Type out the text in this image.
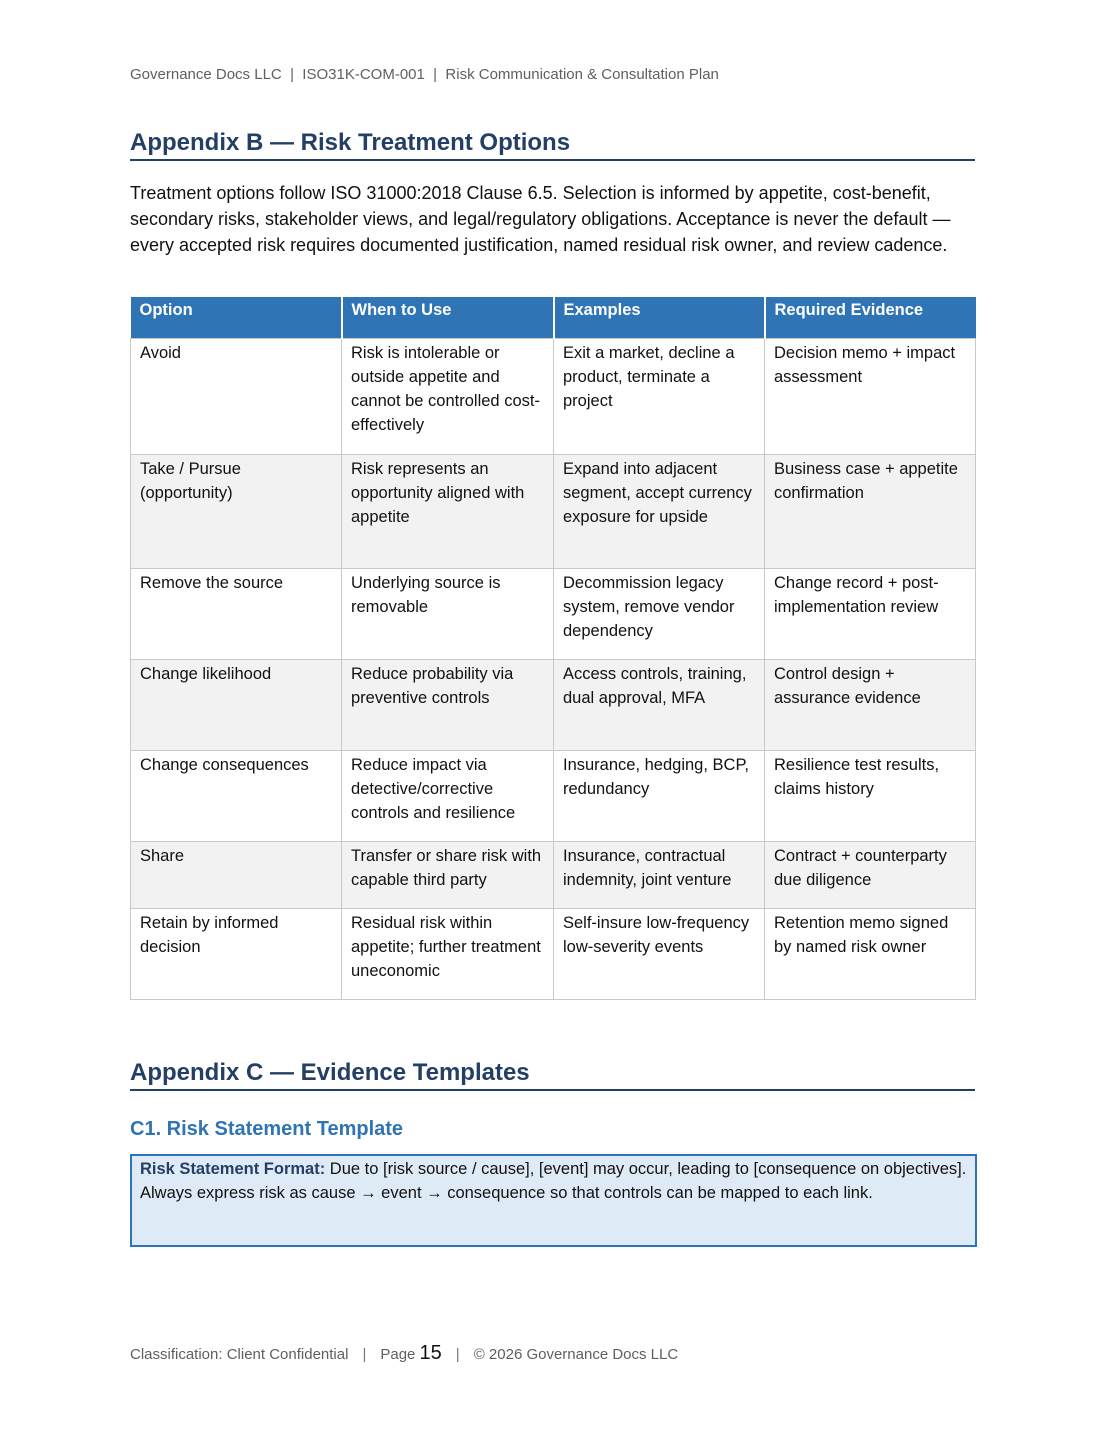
Governance Docs LLC  |  ISO31K-COM-001  |  Risk Communication & Consultation Plan
Appendix B — Risk Treatment Options

Treatment options follow ISO 31000:2018 Clause 6.5. Selection is informed by appetite, cost-benefit, secondary risks, stakeholder views, and legal/regulatory obligations. Acceptance is never the default — every accepted risk requires documented justification, named residual risk owner, and review cadence.

Option	When to Use	Examples	Required Evidence
Avoid	Risk is intolerable or outside appetite and cannot be controlled cost-effectively	Exit a market, decline a product, terminate a project	Decision memo + impact assessment
Take / Pursue (opportunity)	Risk represents an opportunity aligned with appetite	Expand into adjacent segment, accept currency exposure for upside	Business case + appetite confirmation
Remove the source	Underlying source is removable	Decommission legacy system, remove vendor dependency	Change record + post-implementation review
Change likelihood	Reduce probability via preventive controls	Access controls, training, dual approval, MFA	Control design + assurance evidence
Change consequences	Reduce impact via detective/corrective controls and resilience	Insurance, hedging, BCP, redundancy	Resilience test results, claims history
Share	Transfer or share risk with capable third party	Insurance, contractual indemnity, joint venture	Contract + counterparty due diligence
Retain by informed decision	Residual risk within appetite; further treatment uneconomic	Self-insure low-frequency low-severity events	Retention memo signed by named risk owner
Appendix C — Evidence Templates
C1. Risk Statement Template
Risk Statement Format: Due to [risk source / cause], [event] may occur, leading to [consequence on objectives]. Always express risk as cause → event → consequence so that controls can be mapped to each link.
Classification: Client Confidential | Page 15 | © 2026 Governance Docs LLC
